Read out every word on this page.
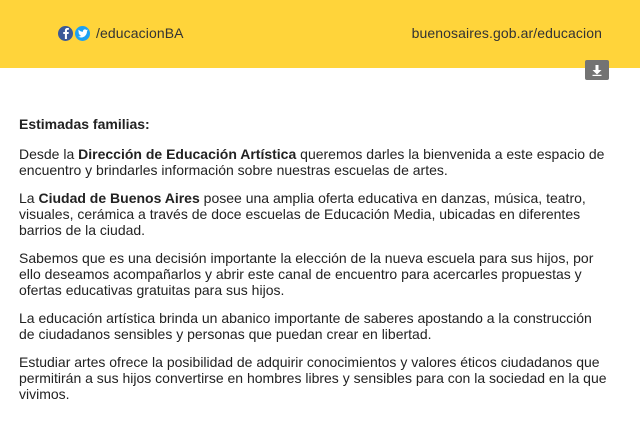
/educacionBA	buenosaires.gob.ar/educacion

Estimadas familias:

Desde la Dirección de Educación Artística queremos darles la bienvenida a este espacio de encuentro y brindarles información sobre nuestras escuelas de artes.

La Ciudad de Buenos Aires posee una amplia oferta educativa en danzas, música, teatro, visuales, cerámica a través de doce escuelas de Educación Media, ubicadas en diferentes barrios de la ciudad.

Sabemos que es una decisión importante la elección de la nueva escuela para sus hijos, por ello deseamos acompañarlos y abrir este canal de encuentro para acercarles propuestas y ofertas educativas gratuitas para sus hijos.

La educación artística brinda un abanico importante de saberes apostando a la construcción de ciudadanos sensibles y personas que puedan crear en libertad.

Estudiar artes ofrece la posibilidad de adquirir conocimientos y valores éticos ciudadanos que permitirán a sus hijos convertirse en hombres libres y sensibles para con la sociedad en la que vivimos.
